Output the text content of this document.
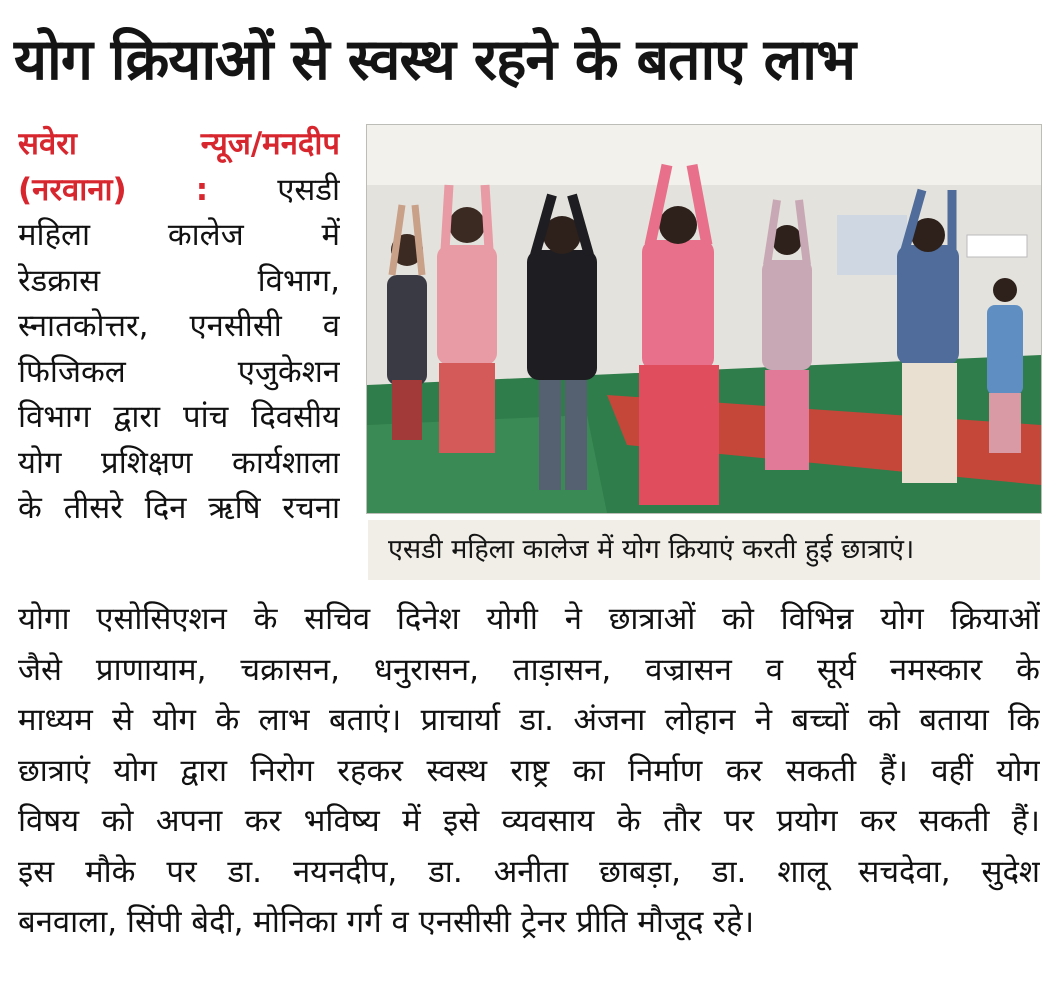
योग क्रियाओं से स्वस्थ रहने के बताए लाभ
सवेरा न्यूज/मनदीप
(नरवाना) : एसडी
महिला कालेज में
रेडक्रास विभाग,
स्नातकोत्तर, एनसीसी व
फिजिकल एजुकेशन
विभाग द्वारा पांच दिवसीय
योग प्रशिक्षण कार्यशाला
के तीसरे दिन ऋषि रचना
एसडी महिला कालेज में योग क्रियाएं करती हुई छात्राएं।
योगा एसोसिएशन के सचिव दिनेश योगी ने छात्राओं को विभिन्न योग क्रियाओं
जैसे प्राणायाम, चक्रासन, धनुरासन, ताड़ासन, वज्रासन व सूर्य नमस्कार के
माध्यम से योग के लाभ बताएं। प्राचार्या डा. अंजना लोहान ने बच्चों को बताया कि
छात्राएं योग द्वारा निरोग रहकर स्वस्थ राष्ट्र का निर्माण कर सकती हैं। वहीं योग
विषय को अपना कर भविष्य में इसे व्यवसाय के तौर पर प्रयोग कर सकती हैं।
इस मौके पर डा. नयनदीप, डा. अनीता छाबड़ा, डा. शालू सचदेवा, सुदेश
बनवाला, सिंपी बेदी, मोनिका गर्ग व एनसीसी ट्रेनर प्रीति मौजूद रहे।
